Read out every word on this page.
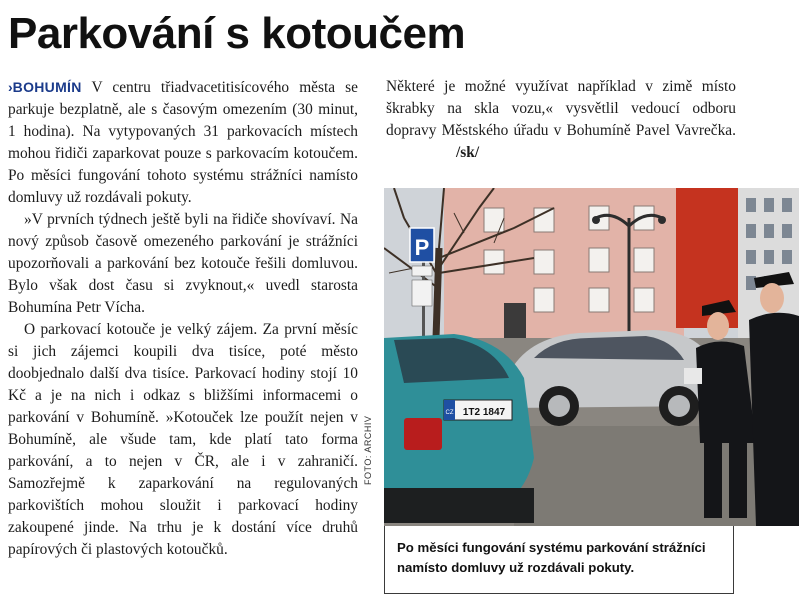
Parkování s kotoučem

›BOHUMÍN V centru třiadvacetitisícového města se parkuje bezplatně, ale s časovým omezením (30 minut, 1 hodina). Na vytypovaných 31 parkovacích místech mohou řidiči zaparkovat pouze s parkovacím kotoučem. Po měsíci fungování tohoto systému strážníci namísto domluvy už rozdávali pokuty.

»V prvních týdnech ještě byli na řidiče shovívaví. Na nový způsob časově omezeného parkování je strážníci upozorňovali a parkování bez kotouče řešili domluvou. Bylo však dost času si zvyknout,« uvedl starosta Bohumína Petr Vícha.

O parkovací kotouče je velký zájem. Za první měsíc si jich zájemci koupili dva tisíce, poté město doobjednalo další dva tisíce. Parkovací hodiny stojí 10 Kč a je na nich i odkaz s bližšími informacemi o parkování v Bohumíně. »Kotouček lze použít nejen v Bohumíně, ale všude tam, kde platí tato forma parkování, a to nejen v ČR, ale i v zahraničí. Samozřejmě k zaparkování na regulovaných parkovištích mohou sloužit i parkovací hodiny zakoupené jinde. Na trhu je k dostání více druhů papírových či plastových kotoučků.

Některé je možné využívat například v zimě místo škrabky na skla vozu,« vysvětlil vedoucí odboru dopravy Městského úřadu v Bohumíně Pavel Vavrečka./sk/

P
CZ 1T2 1847
FOTO: ARCHIV
Po měsíci fungování systému parkování strážníci namísto domluvy už rozdávali pokuty.
